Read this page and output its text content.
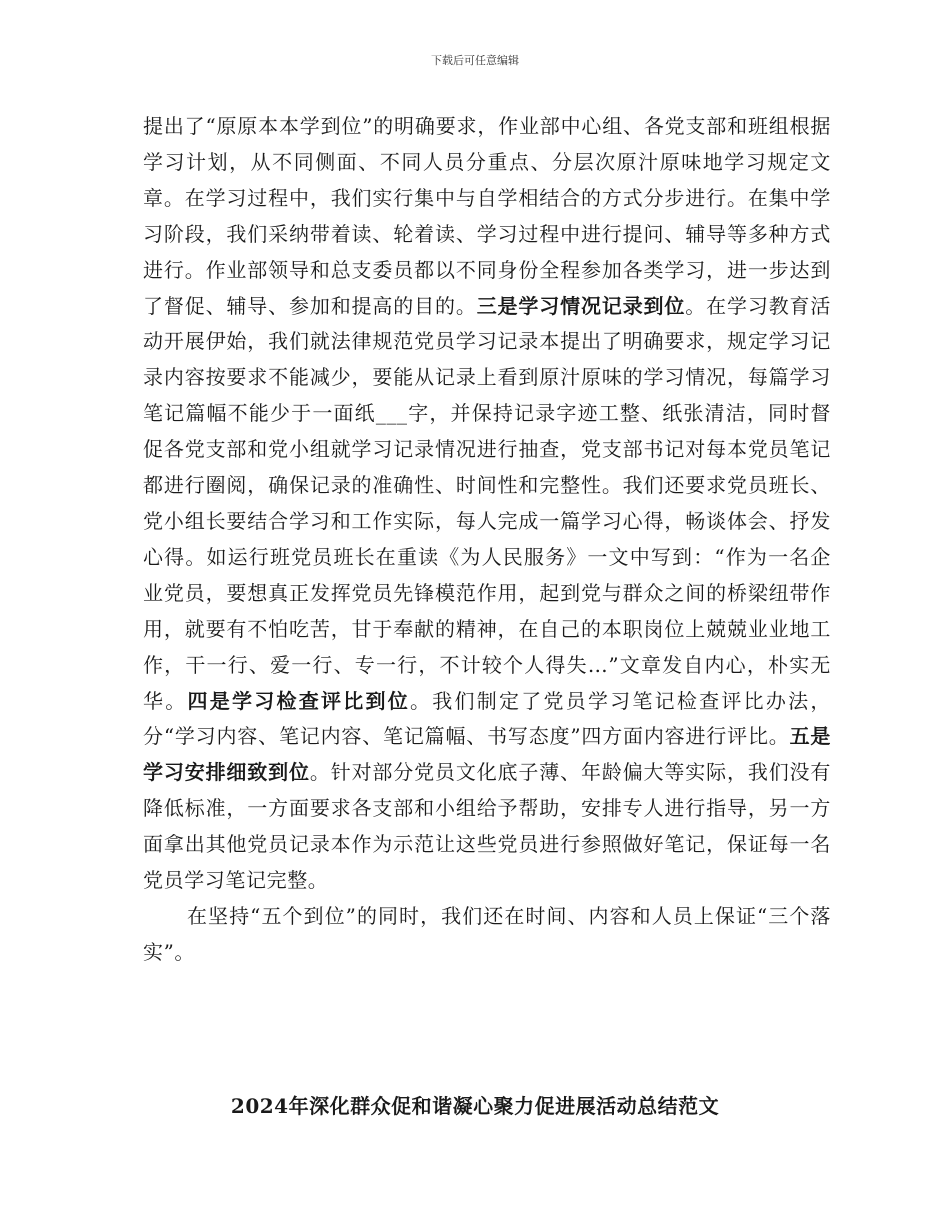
下载后可任意编辑

提出了“原原本本学到位”的明确要求，作业部中心组、各党支部和班组根据学习计划，从不同侧面、不同人员分重点、分层次原汁原味地学习规定文章。在学习过程中，我们实行集中与自学相结合的方式分步进行。在集中学习阶段，我们采纳带着读、轮着读、学习过程中进行提问、辅导等多种方式进行。作业部领导和总支委员都以不同身份全程参加各类学习，进一步达到了督促、辅导、参加和提高的目的。三是学习情况记录到位。在学习教育活动开展伊始，我们就法律规范党员学习记录本提出了明确要求，规定学习记录内容按要求不能减少，要能从记录上看到原汁原味的学习情况，每篇学习笔记篇幅不能少于一面纸___字，并保持记录字迹工整、纸张清洁，同时督促各党支部和党小组就学习记录情况进行抽查，党支部书记对每本党员笔记都进行圈阅，确保记录的准确性、时间性和完整性。我们还要求党员班长、党小组长要结合学习和工作实际，每人完成一篇学习心得，畅谈体会、抒发心得。如运行班党员班长在重读《为人民服务》一文中写到：“作为一名企业党员，要想真正发挥党员先锋模范作用，起到党与群众之间的桥梁纽带作用，就要有不怕吃苦，甘于奉献的精神，在自己的本职岗位上兢兢业业地工作，干一行、爱一行、专一行，不计较个人得失…”文章发自内心，朴实无华。四是学习检查评比到位。我们制定了党员学习笔记检查评比办法，分“学习内容、笔记内容、笔记篇幅、书写态度”四方面内容进行评比。五是学习安排细致到位。针对部分党员文化底子薄、年龄偏大等实际，我们没有降低标准，一方面要求各支部和小组给予帮助，安排专人进行指导，另一方面拿出其他党员记录本作为示范让这些党员进行参照做好笔记，保证每一名党员学习笔记完整。

在坚持“五个到位”的同时，我们还在时间、内容和人员上保证“三个落实”。

2024年深化群众促和谐凝心聚力促进展活动总结范文
